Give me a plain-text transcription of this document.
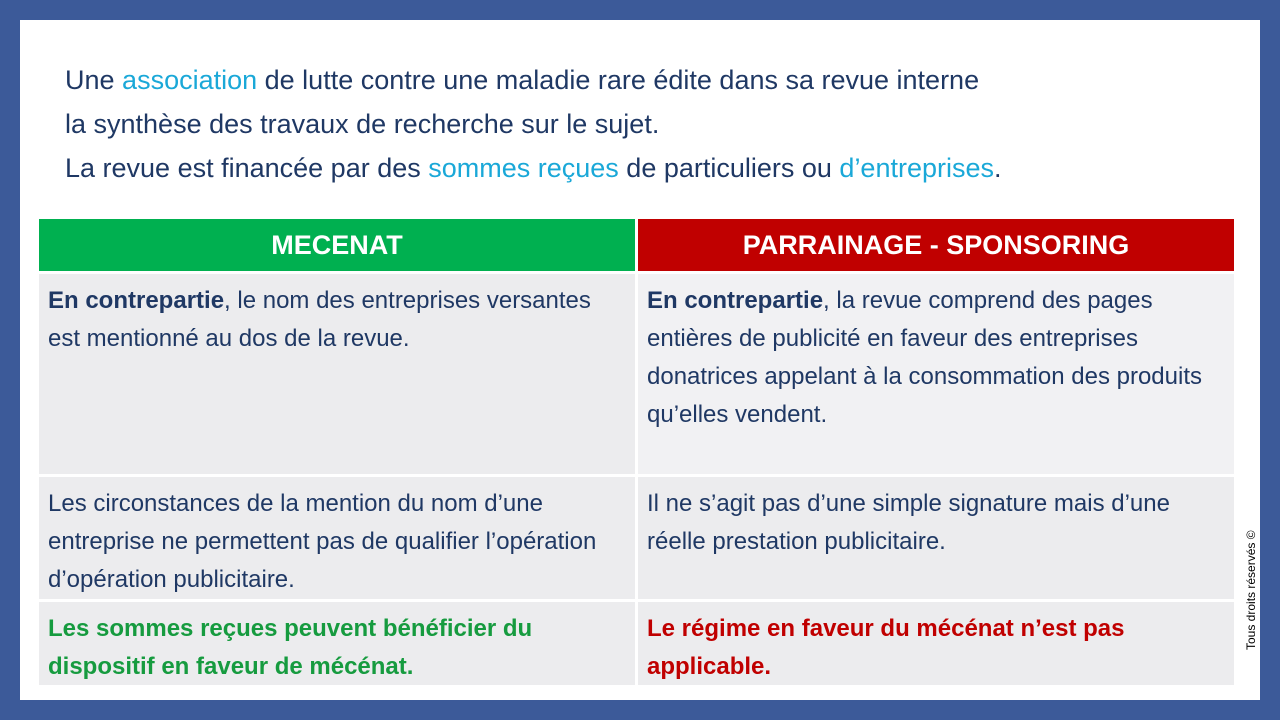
Une association de lutte contre une maladie rare édite dans sa revue interne

la synthèse des travaux de recherche sur le sujet.

La revue est financée par des sommes reçues de particuliers ou d’entreprises.

MECENAT	PARRAINAGE - SPONSORING
En contrepartie, le nom des entreprises versantes est mentionné au dos de la revue.
En contrepartie, la revue comprend des pages entières de publicité en faveur des entreprises donatrices appelant à la consommation des produits qu’elles vendent.
Les circonstances de la mention du nom d’une entreprise ne permettent pas de qualifier l’opération d’opération publicitaire.
Il ne s’agit pas d’une simple signature mais d’une réelle prestation publicitaire.
Les sommes reçues peuvent bénéficier du dispositif en faveur de mécénat.
Le régime en faveur du mécénat n’est pas applicable.
Tous droits réservés ©
